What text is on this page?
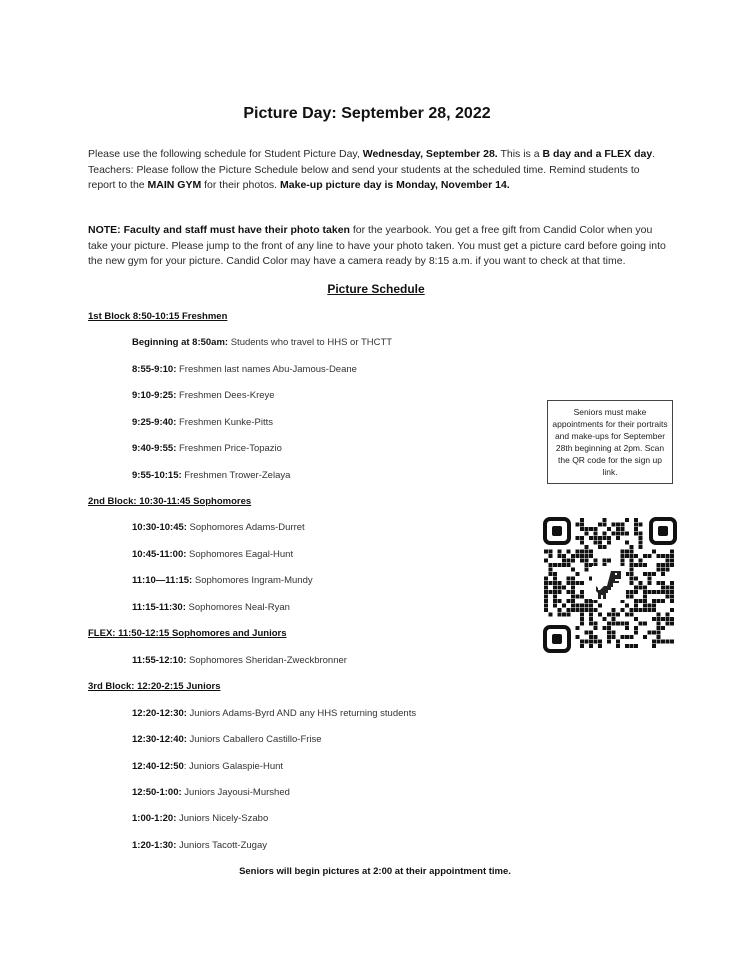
Picture Day: September 28, 2022
Please use the following schedule for Student Picture Day, Wednesday, September 28. This is a B day and a FLEX day. Teachers: Please follow the Picture Schedule below and send your students at the scheduled time. Remind students to report to the MAIN GYM for their photos. Make-up picture day is Monday, November 14.
NOTE: Faculty and staff must have their photo taken for the yearbook. You get a free gift from Candid Color when you take your picture. Please jump to the front of any line to have your photo taken. You must get a picture card before going into the new gym for your picture. Candid Color may have a camera ready by 8:15 a.m. if you want to check at that time.
Picture Schedule
1st Block 8:50-10:15 Freshmen
Beginning at 8:50am: Students who travel to HHS or THCTT
8:55-9:10: Freshmen last names Abu-Jamous-Deane
9:10-9:25: Freshmen Dees-Kreye
9:25-9:40: Freshmen Kunke-Pitts
9:40-9:55: Freshmen Price-Topazio
9:55-10:15: Freshmen Trower-Zelaya
2nd Block: 10:30-11:45 Sophomores
10:30-10:45: Sophomores Adams-Durret
10:45-11:00: Sophomores Eagal-Hunt
11:10—11:15: Sophomores Ingram-Mundy
11:15-11:30: Sophomores Neal-Ryan
FLEX: 11:50-12:15 Sophomores and Juniors
11:55-12:10: Sophomores Sheridan-Zweckbronner
3rd Block: 12:20-2:15 Juniors
12:20-12:30: Juniors Adams-Byrd AND any HHS returning students
12:30-12:40: Juniors Caballero Castillo-Frise
12:40-12:50: Juniors Galaspie-Hunt
12:50-1:00: Juniors Jayousi-Murshed
1:00-1:20: Juniors Nicely-Szabo
1:20-1:30: Juniors Tacott-Zugay
Seniors will begin pictures at 2:00 at their appointment time.
Seniors must make appointments for their portraits and make-ups for September 28th beginning at 2pm. Scan the QR code for the sign up link.
